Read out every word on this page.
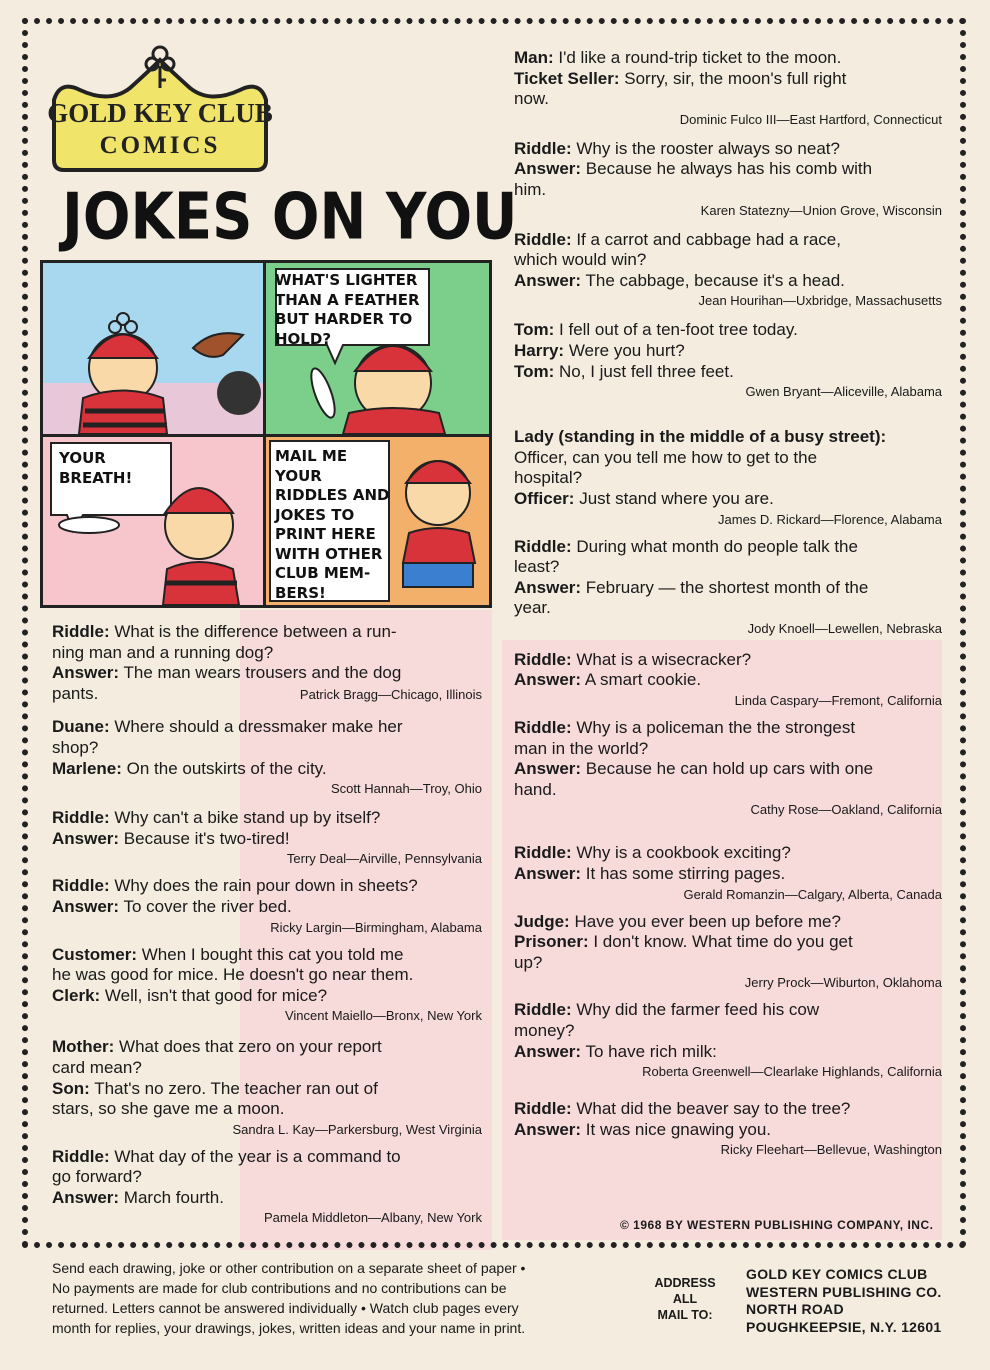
GOLD KEY CLUB
COMICS
JOKES ON YOU
WHAT'S LIGHTER
THAN A FEATHER
BUT HARDER TO
HOLD?
YOUR
BREATH!
MAIL ME YOUR
RIDDLES AND
JOKES TO
PRINT HERE
WITH OTHER
CLUB MEM-
BERS!
Riddle: What is the difference between a run-
ning man and a running dog?
Answer: The man wears trousers and the dog
pants.	Patrick Bragg—Chicago, Illinois
Duane: Where should a dressmaker make her
shop?
Marlene: On the outskirts of the city.
Scott Hannah—Troy, Ohio
Riddle: Why can't a bike stand up by itself?
Answer: Because it's two-tired!
Terry Deal—Airville, Pennsylvania
Riddle: Why does the rain pour down in sheets?
Answer: To cover the river bed.
Ricky Largin—Birmingham, Alabama
Customer: When I bought this cat you told me
he was good for mice. He doesn't go near them.
Clerk: Well, isn't that good for mice?
Vincent Maiello—Bronx, New York
Mother: What does that zero on your report
card mean?
Son: That's no zero. The teacher ran out of
stars, so she gave me a moon.
Sandra L. Kay—Parkersburg, West Virginia
Riddle: What day of the year is a command to
go forward?
Answer: March fourth.
Pamela Middleton—Albany, New York
Man: I'd like a round-trip ticket to the moon.
Ticket Seller: Sorry, sir, the moon's full right
now.
Dominic Fulco III—East Hartford, Connecticut
Riddle: Why is the rooster always so neat?
Answer: Because he always has his comb with
him.
Karen Statezny—Union Grove, Wisconsin
Riddle: If a carrot and cabbage had a race,
which would win?
Answer: The cabbage, because it's a head.
Jean Hourihan—Uxbridge, Massachusetts
Tom: I fell out of a ten-foot tree today.
Harry: Were you hurt?
Tom: No, I just fell three feet.
Gwen Bryant—Aliceville, Alabama
Lady (standing in the middle of a busy street):
Officer, can you tell me how to get to the
hospital?
Officer: Just stand where you are.
James D. Rickard—Florence, Alabama
Riddle: During what month do people talk the
least?
Answer: February — the shortest month of the
year.
Jody Knoell—Lewellen, Nebraska
Riddle: What is a wisecracker?
Answer: A smart cookie.
Linda Caspary—Fremont, California
Riddle: Why is a policeman the the strongest
man in the world?
Answer: Because he can hold up cars with one
hand.
Cathy Rose—Oakland, California
Riddle: Why is a cookbook exciting?
Answer: It has some stirring pages.
Gerald Romanzin—Calgary, Alberta, Canada
Judge: Have you ever been up before me?
Prisoner: I don't know. What time do you get
up?
Jerry Prock—Wiburton, Oklahoma
Riddle: Why did the farmer feed his cow
money?
Answer: To have rich milk:
Roberta Greenwell—Clearlake Highlands, California
Riddle: What did the beaver say to the tree?
Answer: It was nice gnawing you.
Ricky Fleehart—Bellevue, Washington
© 1968 BY WESTERN PUBLISHING COMPANY, INC.
Send each drawing, joke or other contribution on a separate sheet of paper •
No payments are made for club contributions and no contributions can be
returned. Letters cannot be answered individually • Watch club pages every
month for replies, your drawings, jokes, written ideas and your name in print.
ADDRESS
ALL
MAIL TO:
GOLD KEY COMICS CLUB
WESTERN PUBLISHING CO.
NORTH ROAD
POUGHKEEPSIE, N.Y. 12601
